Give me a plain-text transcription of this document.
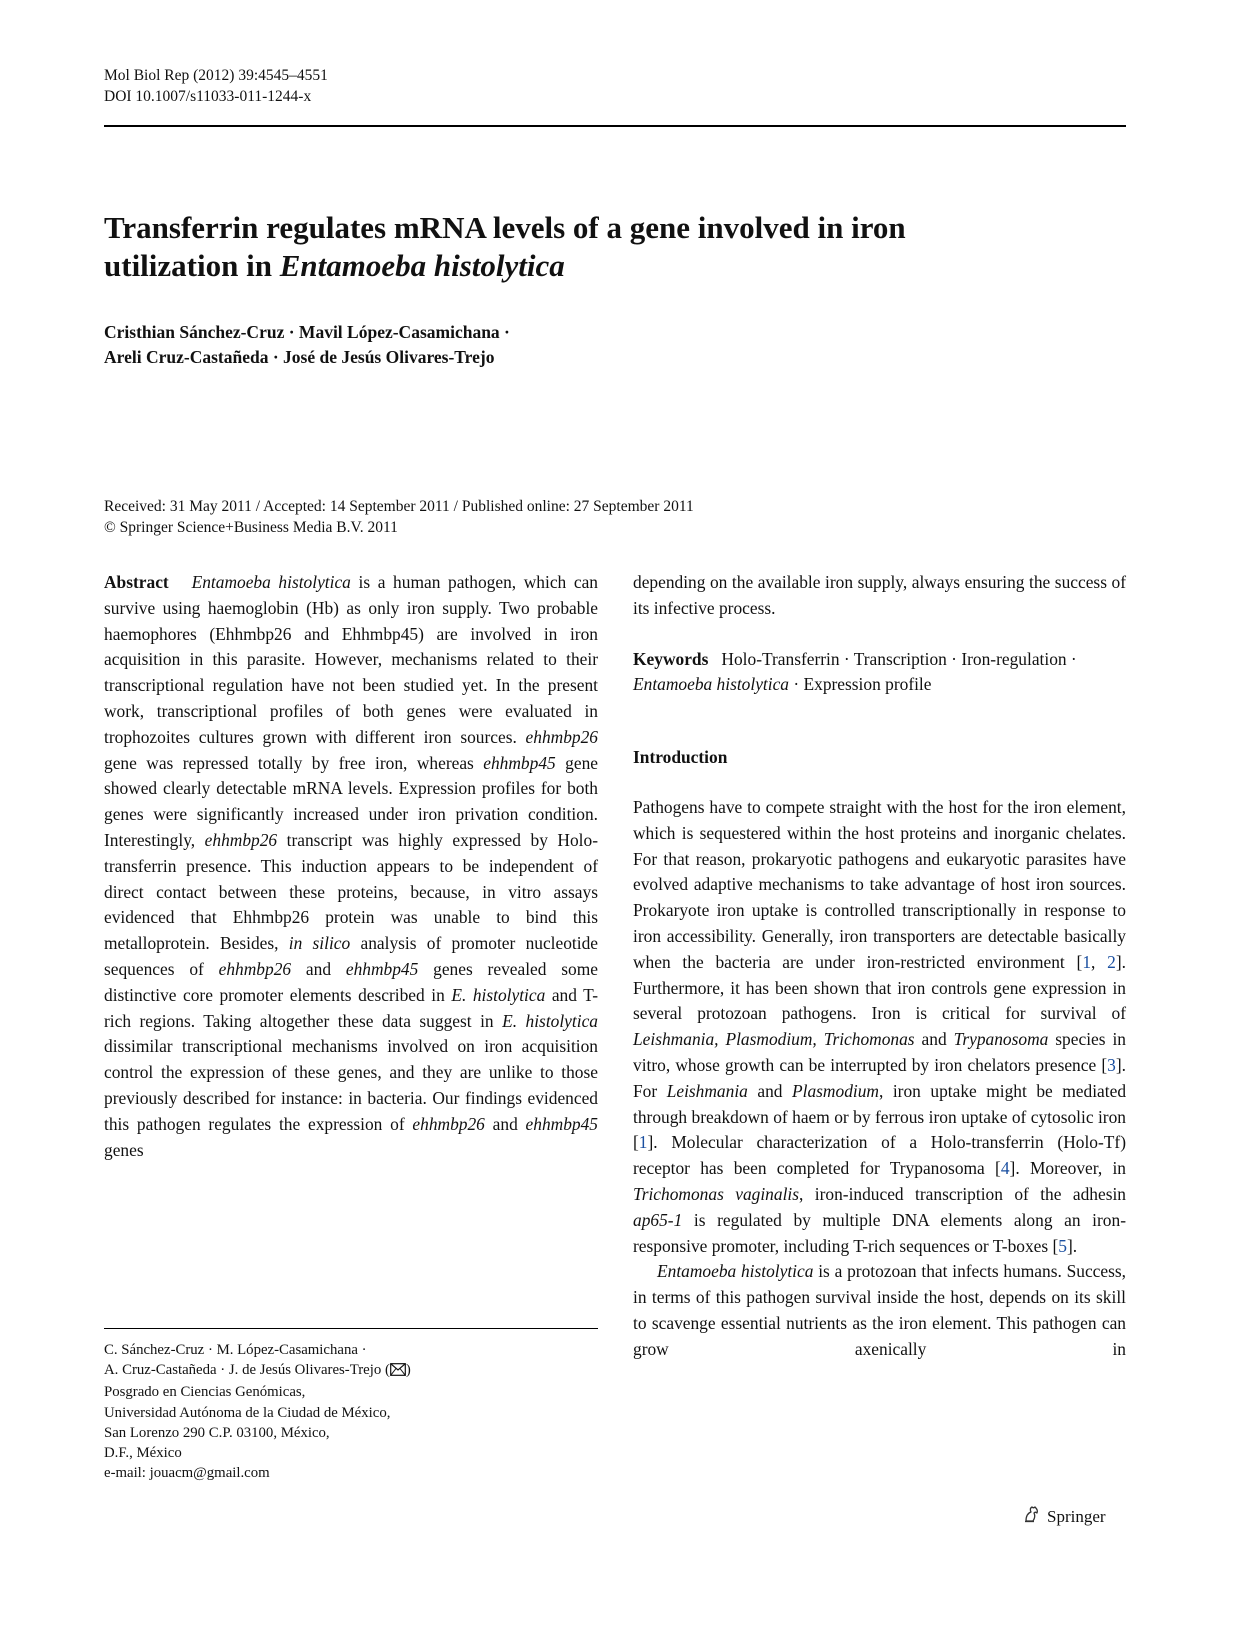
Mol Biol Rep (2012) 39:4545–4551
DOI 10.1007/s11033-011-1244-x
Transferrin regulates mRNA levels of a gene involved in iron
utilization in Entamoeba histolytica
Cristhian Sánchez-Cruz · Mavil López-Casamichana ·
Areli Cruz-Castañeda · José de Jesús Olivares-Trejo
Received: 31 May 2011 / Accepted: 14 September 2011 / Published online: 27 September 2011
© Springer Science+Business Media B.V. 2011

Abstract Entamoeba histolytica is a human pathogen, which can survive using haemoglobin (Hb) as only iron supply. Two probable haemophores (Ehhmbp26 and Ehhmbp45) are involved in iron acquisition in this parasite. However, mechanisms related to their transcriptional regulation have not been studied yet. In the present work, transcriptional profiles of both genes were evaluated in trophozoites cultures grown with different iron sources. ehhmbp26 gene was repressed totally by free iron, whereas ehhmbp45 gene showed clearly detectable mRNA levels. Expression profiles for both genes were significantly increased under iron privation condition. Interestingly, ehhmbp26 transcript was highly expressed by Holo-transferrin presence. This induction appears to be independent of direct contact between these proteins, because, in vitro assays evidenced that Ehhmbp26 protein was unable to bind this metalloprotein. Besides, in silico analysis of promoter nucleotide sequences of ehhmbp26 and ehhmbp45 genes revealed some distinctive core promoter elements described in E. histolytica and T-rich regions. Taking altogether these data suggest in E. histolytica dissimilar transcriptional mechanisms involved on iron acquisition control the expression of these genes, and they are unlike to those previously described for instance: in bacteria. Our findings evidenced this pathogen regulates the expression of ehhmbp26 and ehhmbp45 genes

C. Sánchez-Cruz · M. López-Casamichana ·
A. Cruz-Castañeda · J. de Jesús Olivares-Trejo ( )
Posgrado en Ciencias Genómicas,
Universidad Autónoma de la Ciudad de México,
San Lorenzo 290 C.P. 03100, México,
D.F., México
e-mail: jouacm@gmail.com

depending on the available iron supply, always ensuring the success of its infective process.

Keywords Holo-Transferrin · Transcription · Iron-regulation · Entamoeba histolytica · Expression profile

Introduction

Pathogens have to compete straight with the host for the iron element, which is sequestered within the host proteins and inorganic chelates. For that reason, prokaryotic pathogens and eukaryotic parasites have evolved adaptive mechanisms to take advantage of host iron sources. Prokaryote iron uptake is controlled transcriptionally in response to iron accessibility. Generally, iron transporters are detectable basically when the bacteria are under iron-restricted environment [1, 2]. Furthermore, it has been shown that iron controls gene expression in several protozoan pathogens. Iron is critical for survival of Leishmania, Plasmodium, Trichomonas and Trypanosoma species in vitro, whose growth can be interrupted by iron chelators presence [3]. For Leishmania and Plasmodium, iron uptake might be mediated through breakdown of haem or by ferrous iron uptake of cytosolic iron [1]. Molecular characterization of a Holo-transferrin (Holo-Tf) receptor has been completed for Trypanosoma [4]. Moreover, in Trichomonas vaginalis, iron-induced transcription of the adhesin ap65-1 is regulated by multiple DNA elements along an iron-responsive promoter, including T-rich sequences or T-boxes [5].

Entamoeba histolytica is a protozoan that infects humans. Success, in terms of this pathogen survival inside the host, depends on its skill to scavenge essential nutrients as the iron element. This pathogen can grow axenically in

Springer
